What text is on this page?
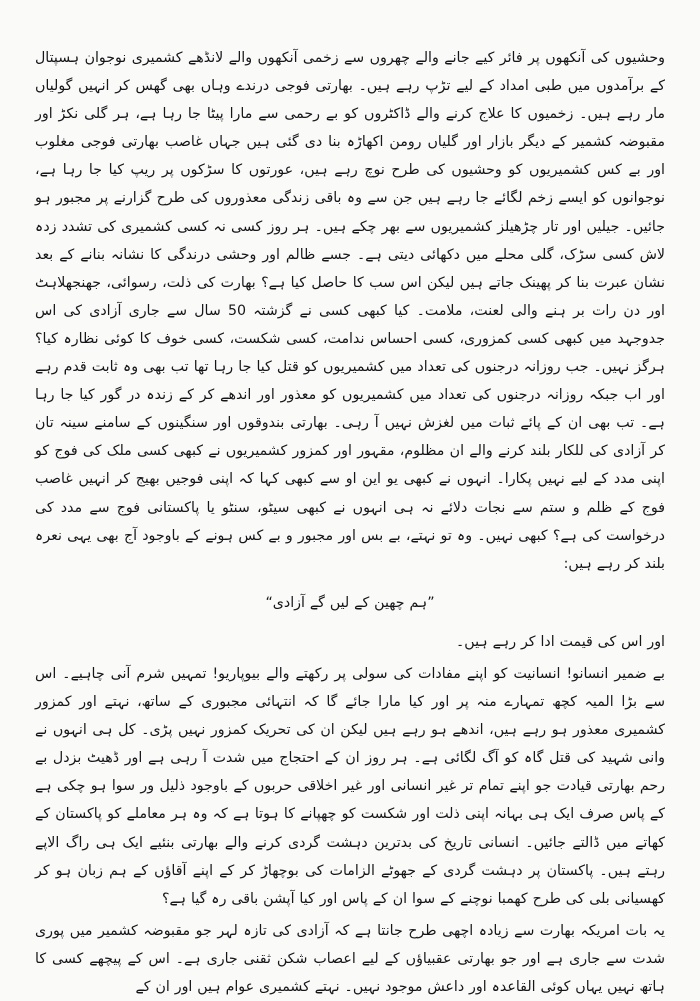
وحشیوں کی آنکھوں پر فائر کیے جانے والے چھروں سے زخمی آنکھوں والے لانڈھے کشمیری نوجوان ہسپتال کے برآمدوں میں طبی امداد کے لیے تڑپ رہے ہیں۔ بھارتی فوجی درندے وہاں بھی گھس کر انہیں گولیاں مار رہے ہیں۔ زخمیوں کا علاج کرنے والے ڈاکٹروں کو بے رحمی سے مارا پیٹا جا رہا ہے، ہر گلی نکڑ اور مقبوضہ کشمیر کے دیگر بازار اور گلیاں رومن اکھاڑہ بنا دی گئی ہیں جہاں غاصب بھارتی فوجی مغلوب اور بے کس کشمیریوں کو وحشیوں کی طرح نوچ رہے ہیں، عورتوں کا سڑکوں پر ریپ کیا جا رہا ہے، نوجوانوں کو ایسے زخم لگائے جا رہے ہیں جن سے وہ باقی زندگی معذوروں کی طرح گزارنے پر مجبور ہو جائیں۔ جیلیں اور تار چڑھیلز کشمیریوں سے بھر چکے ہیں۔ ہر روز کسی نہ کسی کشمیری کی تشدد زدہ لاش کسی سڑک، گلی محلے میں دکھائی دیتی ہے۔ جسے ظالم اور وحشی درندگی کا نشانہ بنانے کے بعد نشان عبرت بنا کر پھینک جاتے ہیں لیکن اس سب کا حاصل کیا ہے؟ بھارت کی ذلت، رسوائی، جھنجھلاہٹ اور دن رات بر ہنے والی لعنت، ملامت۔ کیا کبھی کسی نے گزشتہ 50 سال سے جاری آزادی کی اس جدوجہد میں کبھی کسی کمزوری، کسی احساس ندامت، کسی شکست، کسی خوف کا کوئی نظارہ کیا؟ ہرگز نہیں۔ جب روزانہ درجنوں کی تعداد میں کشمیریوں کو قتل کیا جا رہا تھا تب بھی وہ ثابت قدم رہے اور اب جبکہ روزانہ درجنوں کی تعداد میں کشمیریوں کو معذور اور اندھے کر کے زندہ در گور کیا جا رہا ہے۔ تب بھی ان کے پائے ثبات میں لغزش نہیں آ رہی۔ بھارتی بندوقوں اور سنگینوں کے سامنے سینہ تان کر آزادی کی للکار بلند کرنے والے ان مظلوم، مقہور اور کمزور کشمیریوں نے کبھی کسی ملک کی فوج کو اپنی مدد کے لیے نہیں پکارا۔ انہوں نے کبھی یو این او سے کبھی کہا کہ اپنی فوجیں بھیج کر انہیں غاصب فوج کے ظلم و ستم سے نجات دلائے نہ ہی انہوں نے کبھی سیٹو، سنٹو یا پاکستانی فوج سے مدد کی درخواست کی ہے؟ کبھی نہیں۔ وہ تو نہتے، بے بس اور مجبور و بے کس ہونے کے باوجود آج بھی یہی نعرہ بلند کر رہے ہیں:

”ہم چھین کے لیں گے آزادی“

اور اس کی قیمت ادا کر رہے ہیں۔

بے ضمیر انسانو! انسانیت کو اپنے مفادات کی سولی پر رکھتے والے بیوپاریو! تمہیں شرم آنی چاہیے۔ اس سے بڑا المیہ کچھ تمہارے منہ پر اور کیا مارا جائے گا کہ انتہائی مجبوری کے ساتھ، نہتے اور کمزور کشمیری معذور ہو رہے ہیں، اندھے ہو رہے ہیں لیکن ان کی تحریک کمزور نہیں پڑی۔ کل ہی انہوں نے وانی شہید کی قتل گاہ کو آگ لگائی ہے۔ ہر روز ان کے احتجاج میں شدت آ رہی ہے اور ڈھیٹ بزدل بے رحم بھارتی قیادت جو اپنے تمام تر غیر انسانی اور غیر اخلاقی حربوں کے باوجود ذلیل ور سوا ہو چکی ہے کے پاس صرف ایک ہی بہانہ اپنی ذلت اور شکست کو چھپانے کا ہوتا ہے کہ وہ ہر معاملے کو پاکستان کے کھاتے میں ڈالتے جائیں۔ انسانی تاریخ کی بدترین دہشت گردی کرنے والے بھارتی بنئیے ایک ہی راگ الاپے رہتے ہیں۔ پاکستان پر دہشت گردی کے جھوٹے الزامات کی بوچھاڑ کر کے اپنے آقاؤں کے ہم زبان ہو کر کھسیانی بلی کی طرح کھمبا نوچنے کے سوا ان کے پاس اور کیا آپشن باقی رہ گیا ہے؟

یہ بات امریکہ بھارت سے زیادہ اچھی طرح جانتا ہے کہ آزادی کی تازہ لہر جو مقبوضہ کشمیر میں پوری شدت سے جاری ہے اور جو بھارتی عقبیاؤں کے لیے اعصاب شکن ثقنی جاری ہے۔ اس کے پیچھے کسی کا ہاتھ نہیں یہاں کوئی القاعدہ اور داعش موجود نہیں۔ نہتے کشمیری عوام ہیں اور ان کے
